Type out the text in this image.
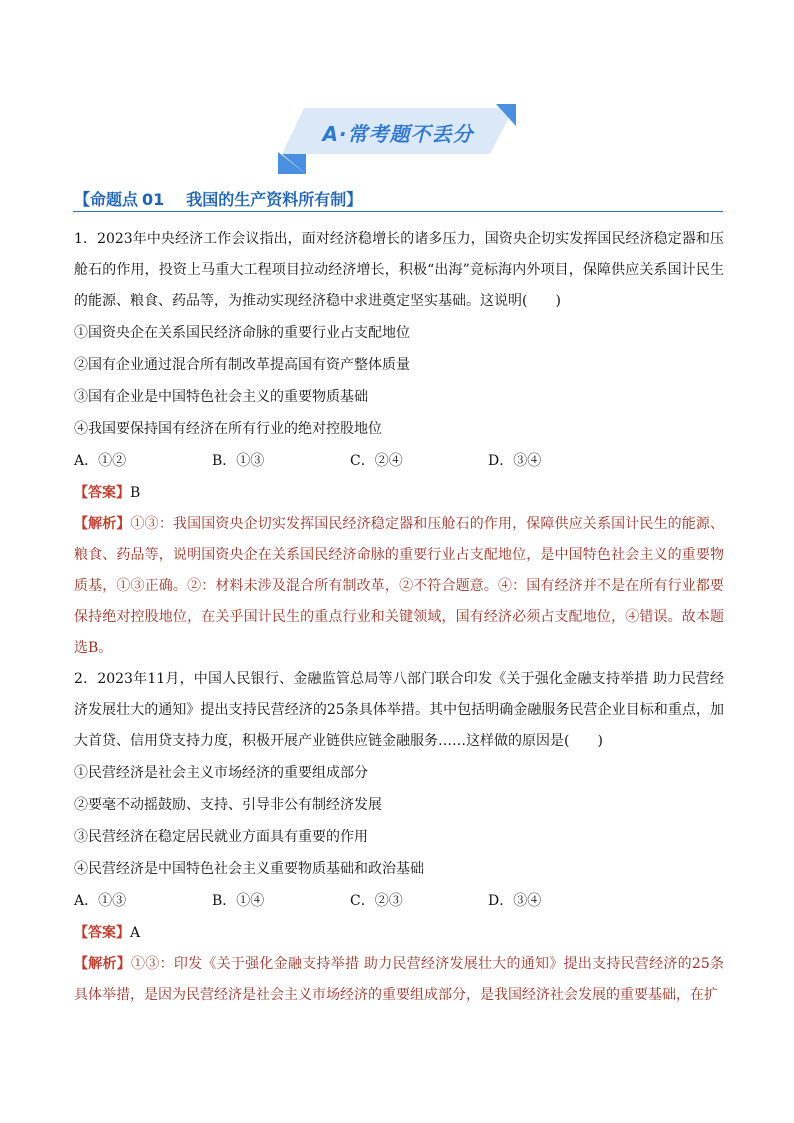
A·常考题不丢分
【命题点 01 我国的生产资料所有制】

1．2023年中央经济工作会议指出，面对经济稳增长的诸多压力，国资央企切实发挥国民经济稳定器和压舱石的作用，投资上马重大工程项目拉动经济增长，积极“出海”竞标海内外项目，保障供应关系国计民生的能源、粮食、药品等，为推动实现经济稳中求进奠定坚实基础。这说明(　　)

①国资央企在关系国民经济命脉的重要行业占支配地位

②国有企业通过混合所有制改革提高国有资产整体质量

③国有企业是中国特色社会主义的重要物质基础

④我国要保持国有经济在所有行业的绝对控股地位

A．①②	B．①③	C．②④	D．③④
【答案】B
【解析】①③：我国国资央企切实发挥国民经济稳定器和压舱石的作用，保障供应关系国计民生的能源、粮食、药品等，说明国资央企在关系国民经济命脉的重要行业占支配地位，是中国特色社会主义的重要物质基，①③正确。②：材料未涉及混合所有制改革，②不符合题意。④：国有经济并不是在所有行业都要保持绝对控股地位，在关乎国计民生的重点行业和关键领域，国有经济必须占支配地位，④错误。故本题选B。

2．2023年11月，中国人民银行、金融监管总局等八部门联合印发《关于强化金融支持举措 助力民营经济发展壮大的通知》提出支持民营经济的25条具体举措。其中包括明确金融服务民营企业目标和重点，加大首贷、信用贷支持力度，积极开展产业链供应链金融服务……这样做的原因是(　　)

①民营经济是社会主义市场经济的重要组成部分

②要毫不动摇鼓励、支持、引导非公有制经济发展

③民营经济在稳定居民就业方面具有重要的作用

④民营经济是中国特色社会主义重要物质基础和政治基础

A．①③	B．①④	C．②③	D．③④
【答案】A
【解析】①③：印发《关于强化金融支持举措 助力民营经济发展壮大的通知》提出支持民营经济的25条具体举措，是因为民营经济是社会主义市场经济的重要组成部分，是我国经济社会发展的重要基础，在扩
